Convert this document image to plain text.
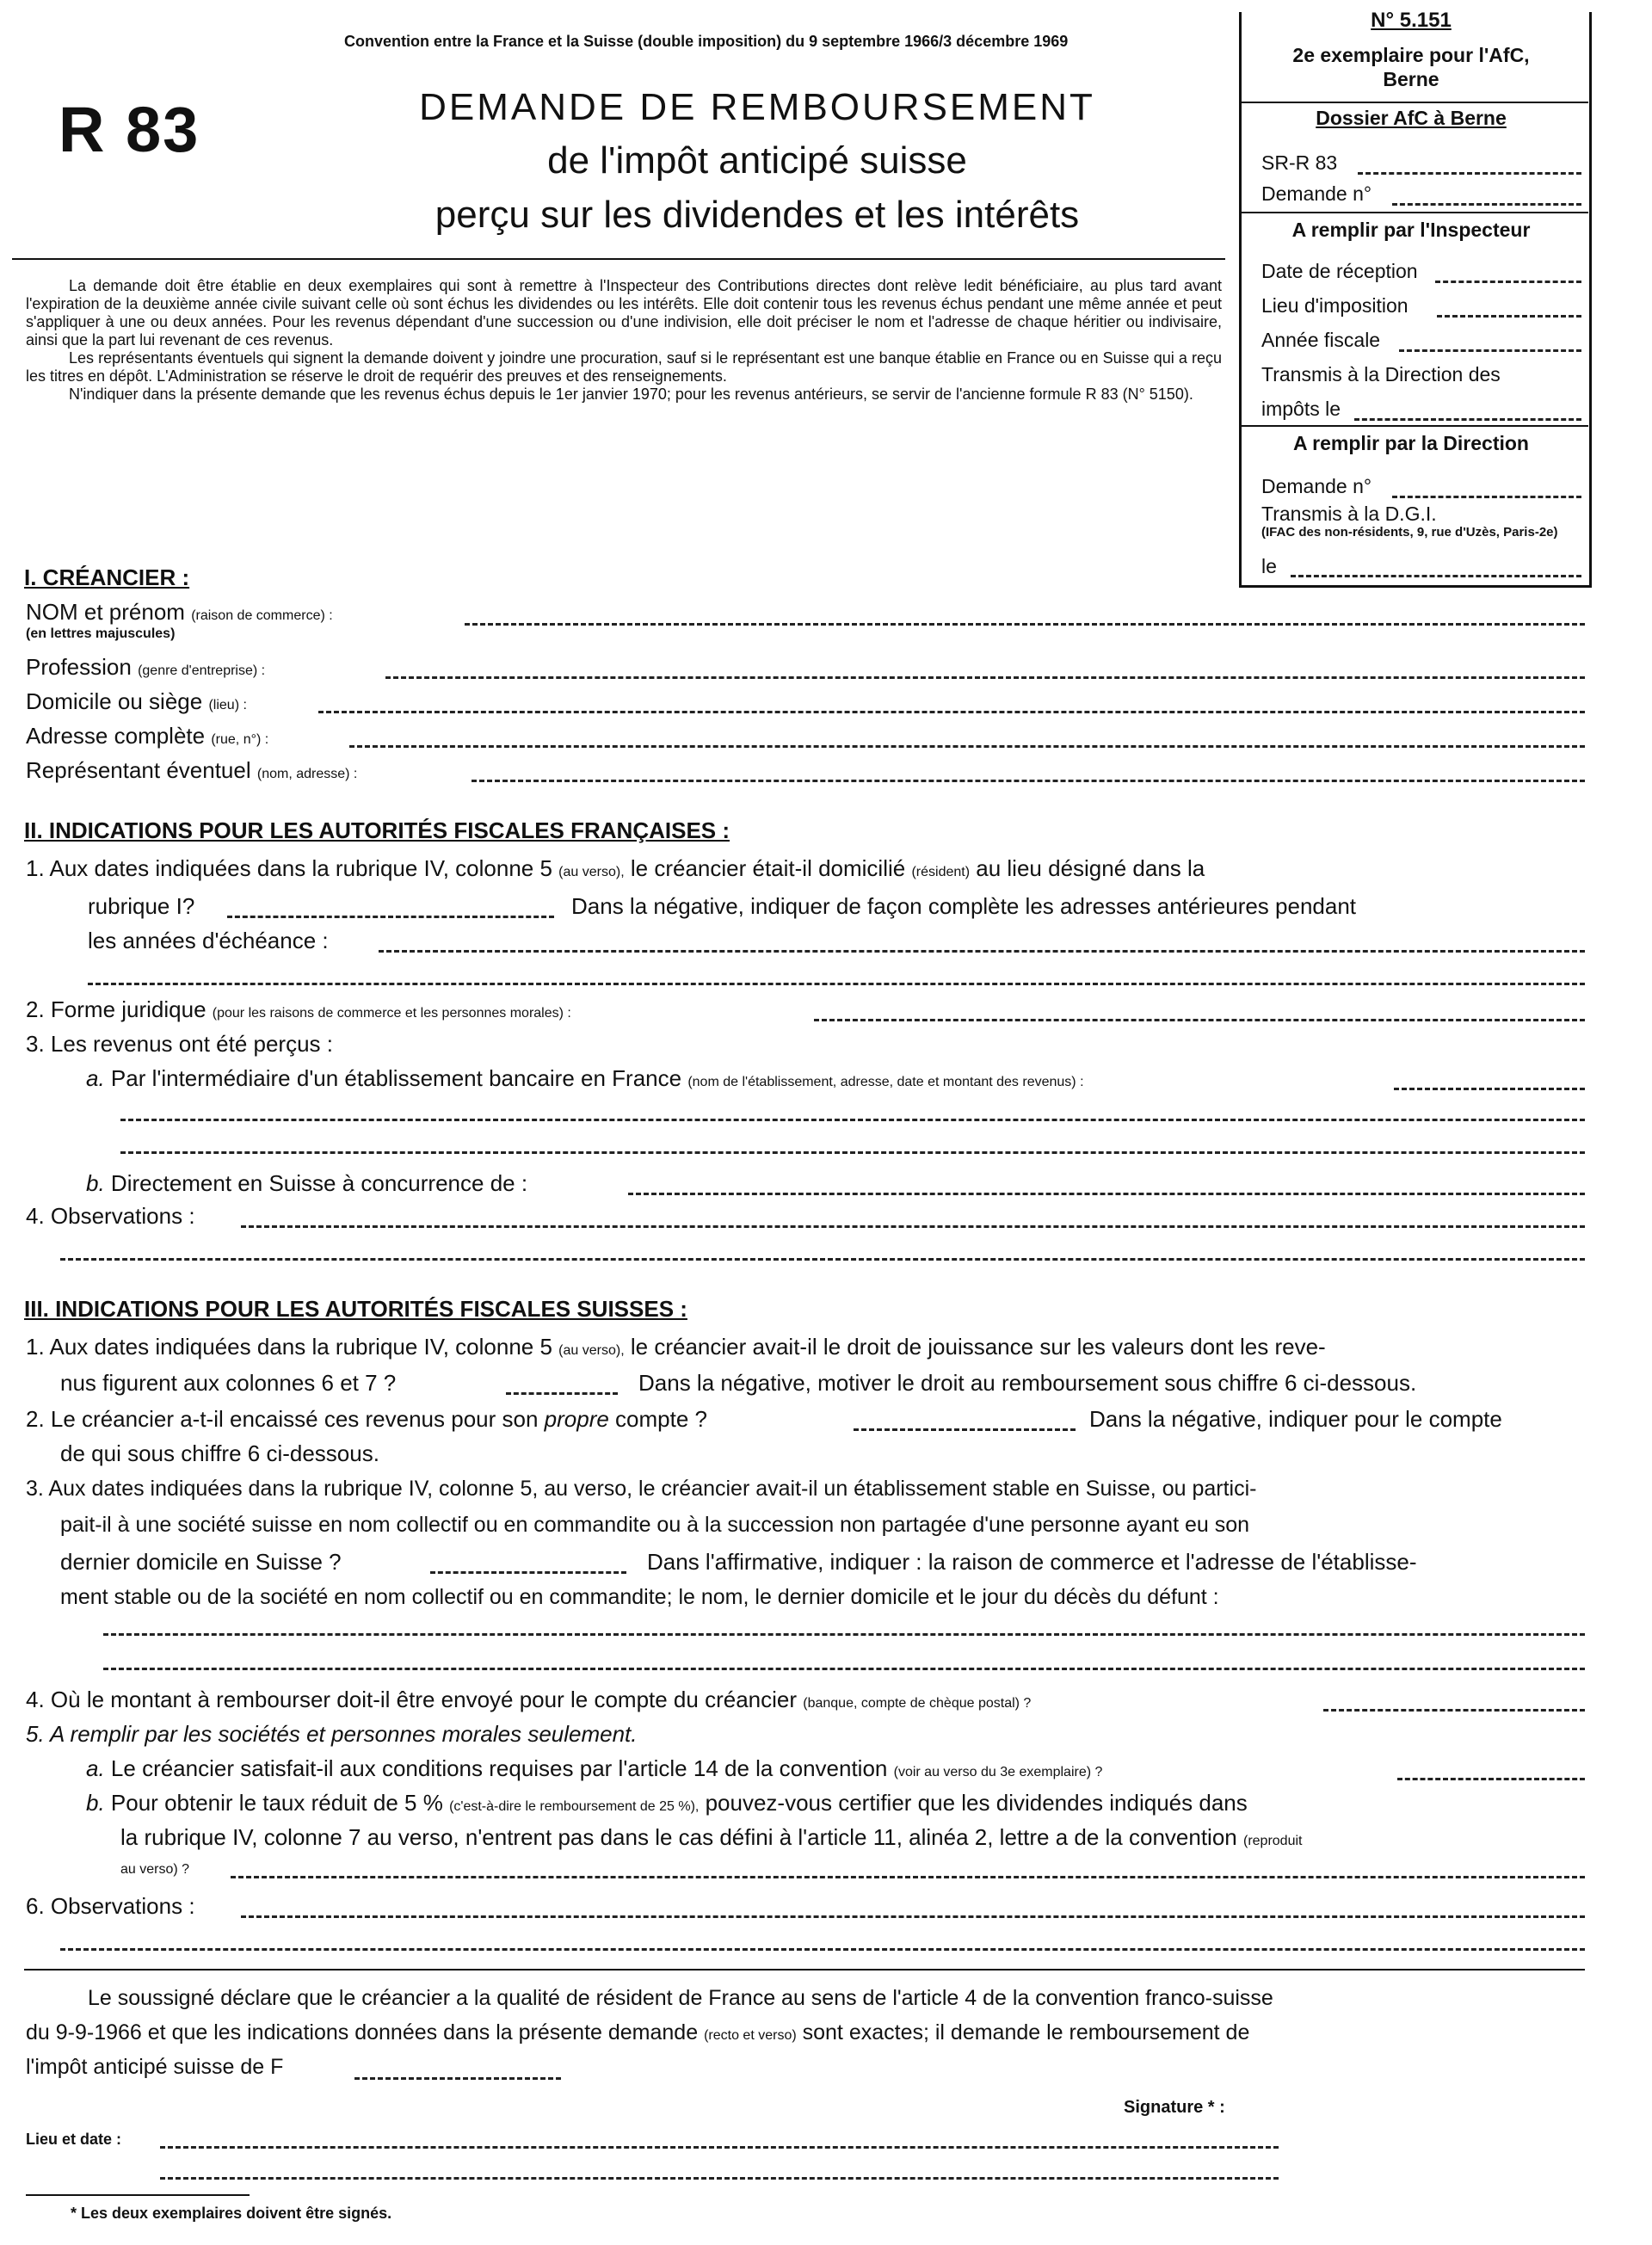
Convention entre la France et la Suisse (double imposition) du 9 septembre 1966/3 décembre 1969
R 83	DEMANDE DE REMBOURSEMENT
de l'impôt anticipé suisse
perçu sur les dividendes et les intérêts
N° 5.151
2e exemplaire pour l'AfC, Berne
Dossier AfC à Berne
SR-R 83
Demande n°
A remplir par l'Inspecteur
Date de réception
Lieu d'imposition
Année fiscale
Transmis à la Direction des
impôts le
A remplir par la Direction
Demande n°
Transmis à la D.G.I.
(IFAC des non-résidents, 9, rue d'Uzès, Paris-2e)
le

La demande doit être établie en deux exemplaires qui sont à remettre à l'Inspecteur des Contributions directes dont relève ledit bénéficiaire, au plus tard avant l'expiration de la deuxième année civile suivant celle où sont échus les dividendes ou les intérêts. Elle doit contenir tous les revenus échus pendant une même année et peut s'appliquer à une ou deux années. Pour les revenus dépendant d'une succession ou d'une indivision, elle doit préciser le nom et l'adresse de chaque héritier ou indivisaire, ainsi que la part lui revenant de ces revenus.

Les représentants éventuels qui signent la demande doivent y joindre une procuration, sauf si le représentant est une banque établie en France ou en Suisse qui a reçu les titres en dépôt. L'Administration se réserve le droit de requérir des preuves et des renseignements.

N'indiquer dans la présente demande que les revenus échus depuis le 1er janvier 1970; pour les revenus antérieurs, se servir de l'ancienne formule R 83 (N° 5150).

I. CRÉANCIER :
NOM et prénom (raison de commerce) :
(en lettres majuscules)
Profession (genre d'entreprise) :
Domicile ou siège (lieu) :
Adresse complète (rue, n°) :
Représentant éventuel (nom, adresse) :
II. INDICATIONS POUR LES AUTORITÉS FISCALES FRANÇAISES :
1. Aux dates indiquées dans la rubrique IV, colonne 5 (au verso), le créancier était-il domicilié (résident) au lieu désigné dans la
rubrique I?	Dans la négative, indiquer de façon complète les adresses antérieures pendant
les années d'échéance :
2. Forme juridique (pour les raisons de commerce et les personnes morales) :
3. Les revenus ont été perçus :
a. Par l'intermédiaire d'un établissement bancaire en France (nom de l'établissement, adresse, date et montant des revenus) :
b. Directement en Suisse à concurrence de :
4. Observations :
III. INDICATIONS POUR LES AUTORITÉS FISCALES SUISSES :
1. Aux dates indiquées dans la rubrique IV, colonne 5 (au verso), le créancier avait-il le droit de jouissance sur les valeurs dont les reve-
nus figurent aux colonnes 6 et 7 ?	Dans la négative, motiver le droit au remboursement sous chiffre 6 ci-dessous.
2. Le créancier a-t-il encaissé ces revenus pour son propre compte ?	Dans la négative, indiquer pour le compte
de qui sous chiffre 6 ci-dessous.
3. Aux dates indiquées dans la rubrique IV, colonne 5, au verso, le créancier avait-il un établissement stable en Suisse, ou partici-
pait-il à une société suisse en nom collectif ou en commandite ou à la succession non partagée d'une personne ayant eu son
dernier domicile en Suisse ?	Dans l'affirmative, indiquer : la raison de commerce et l'adresse de l'établisse-
ment stable ou de la société en nom collectif ou en commandite; le nom, le dernier domicile et le jour du décès du défunt :
4. Où le montant à rembourser doit-il être envoyé pour le compte du créancier (banque, compte de chèque postal) ?
5. A remplir par les sociétés et personnes morales seulement.
a. Le créancier satisfait-il aux conditions requises par l'article 14 de la convention (voir au verso du 3e exemplaire) ?
b. Pour obtenir le taux réduit de 5 % (c'est-à-dire le remboursement de 25 %), pouvez-vous certifier que les dividendes indiqués dans
la rubrique IV, colonne 7 au verso, n'entrent pas dans le cas défini à l'article 11, alinéa 2, lettre a de la convention (reproduit
au verso) ?
6. Observations :
Le soussigné déclare que le créancier a la qualité de résident de France au sens de l'article 4 de la convention franco-suisse
du 9-9-1966 et que les indications données dans la présente demande (recto et verso) sont exactes; il demande le remboursement de
l'impôt anticipé suisse de F
Signature * :
Lieu et date :
* Les deux exemplaires doivent être signés.
